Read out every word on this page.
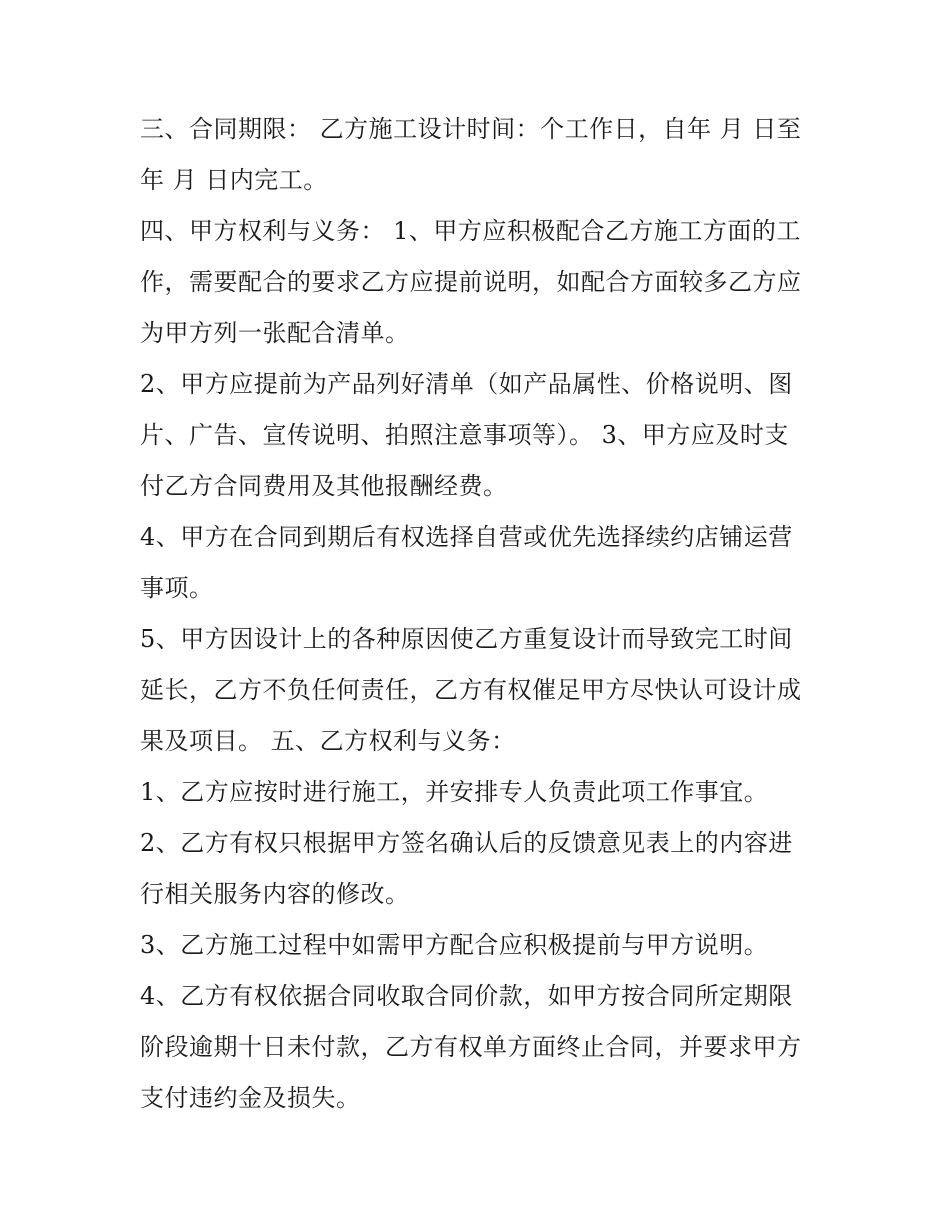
三、合同期限： 乙方施工设计时间：个工作日，自年 月 日至
年 月 日内完工。
四、甲方权利与义务： 1、甲方应积极配合乙方施工方面的工
作，需要配合的要求乙方应提前说明，如配合方面较多乙方应
为甲方列一张配合清单。
2、甲方应提前为产品列好清单（如产品属性、价格说明、图
片、广告、宣传说明、拍照注意事项等）。 3、甲方应及时支
付乙方合同费用及其他报酬经费。
4、甲方在合同到期后有权选择自营或优先选择续约店铺运营
事项。
5、甲方因设计上的各种原因使乙方重复设计而导致完工时间
延长，乙方不负任何责任，乙方有权催足甲方尽快认可设计成
果及项目。 五、乙方权利与义务：
1、乙方应按时进行施工，并安排专人负责此项工作事宜。
2、乙方有权只根据甲方签名确认后的反馈意见表上的内容进
行相关服务内容的修改。
3、乙方施工过程中如需甲方配合应积极提前与甲方说明。
4、乙方有权依据合同收取合同价款，如甲方按合同所定期限
阶段逾期十日未付款，乙方有权单方面终止合同，并要求甲方
支付违约金及损失。
